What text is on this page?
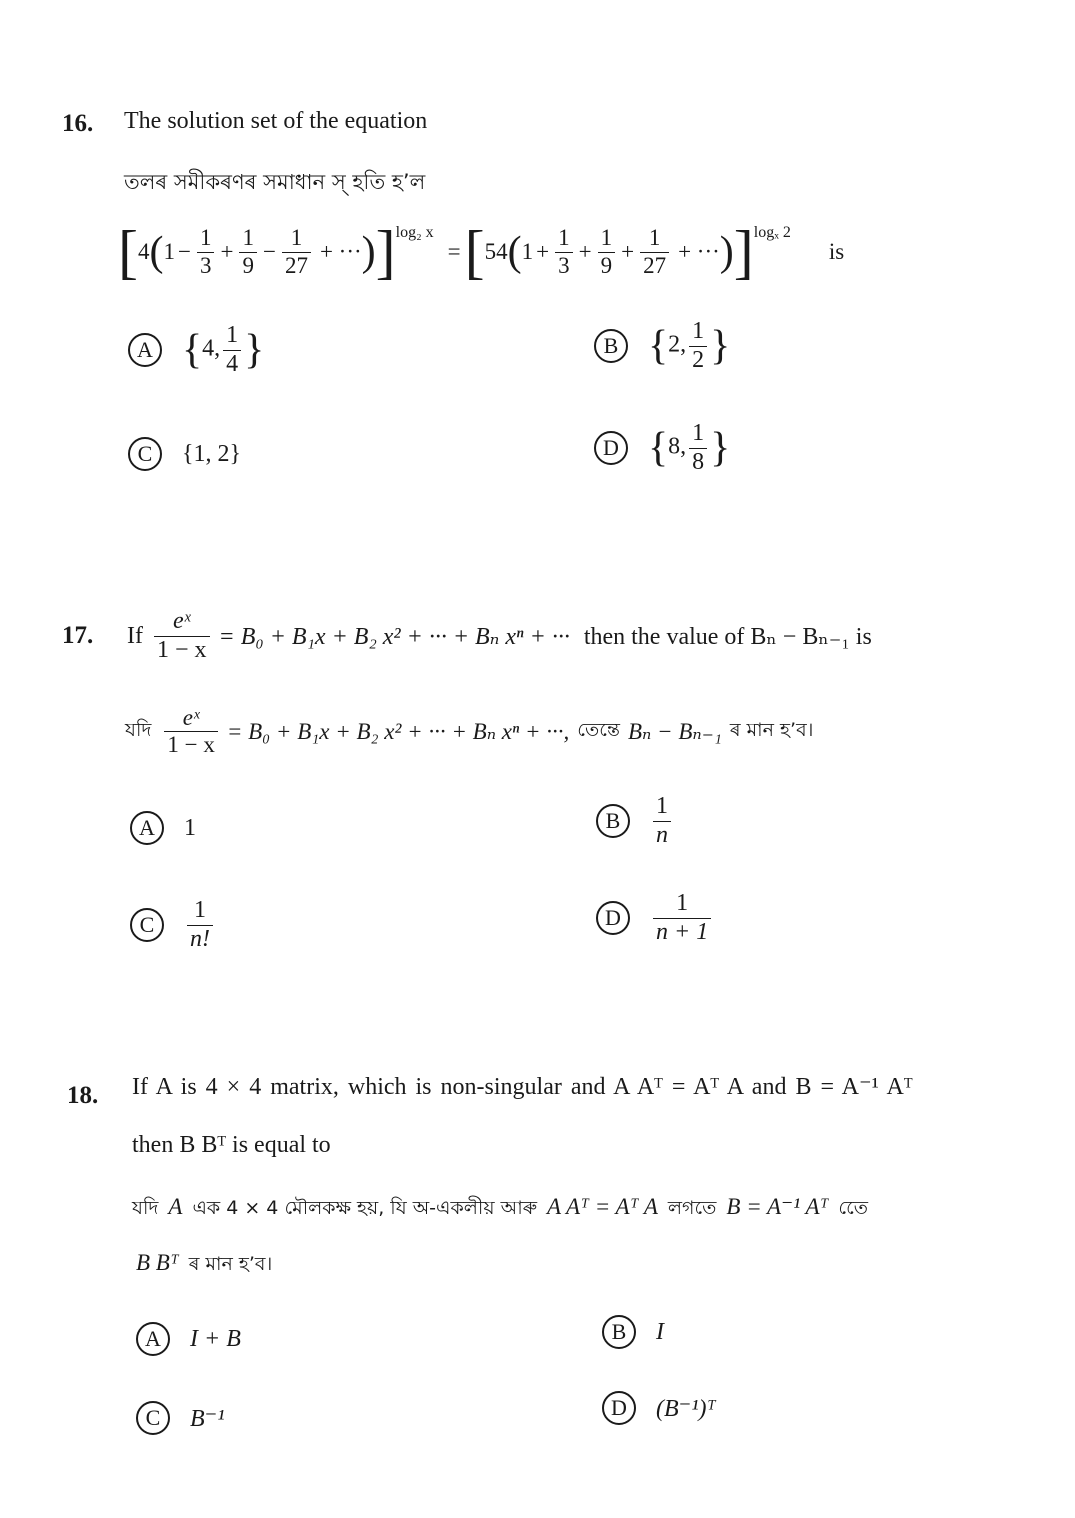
16. The solution set of the equation
তলৰ সমীকৰণৰ সমাধান স্ হতি হ’ল
[ 4 ( $1 - \frac{1}{3} + \frac{1}{9} - \frac{1}{27}$ + ··· ) ] log₂ x
= [ 54 ( $1 + \frac{1}{3} + \frac{1}{9} + \frac{1}{27}$ + ··· ) ] logₓ 2
is
A {4, $\frac{1}{4}$ }	B {2, $\frac{1}{2}$ }
C	{1, 2}	D {8, $\frac{1}{8}$ }
17. If $\frac{\text{eˣ}}{1 - x} = B_0 + B_1x + B_2$ x² + ··· + Bₙ xⁿ + ··· then the value of Bₙ − Bₙ₋₁ is
যদি $\frac{\text{eˣ}}{1 - x} = B_0 + B_1x + B_2$ x² + ··· + Bₙ xⁿ + ···, তেন্তে Bₙ − Bₙ₋₁ ৰ মান হ’ব।
A	1	B	$\frac{1}{n}$
C	$\frac{1}{n!}$	D	$\frac{1}{n + 1}$
18. If A is 4 × 4 matrix, which is non-singular and A Aᵀ = Aᵀ A and B = A⁻¹ Aᵀ
then B Bᵀ is equal to
যদি A এক 4 × 4 মৌলকক্ষ হয়, যি অ-একলীয় আৰু A Aᵀ = Aᵀ A লগতে B = A⁻¹ Aᵀ তেে
B Bᵀ ৰ মান হ’ব।
A	I + B	B	I
C	B⁻¹	D	(B⁻¹)ᵀ
